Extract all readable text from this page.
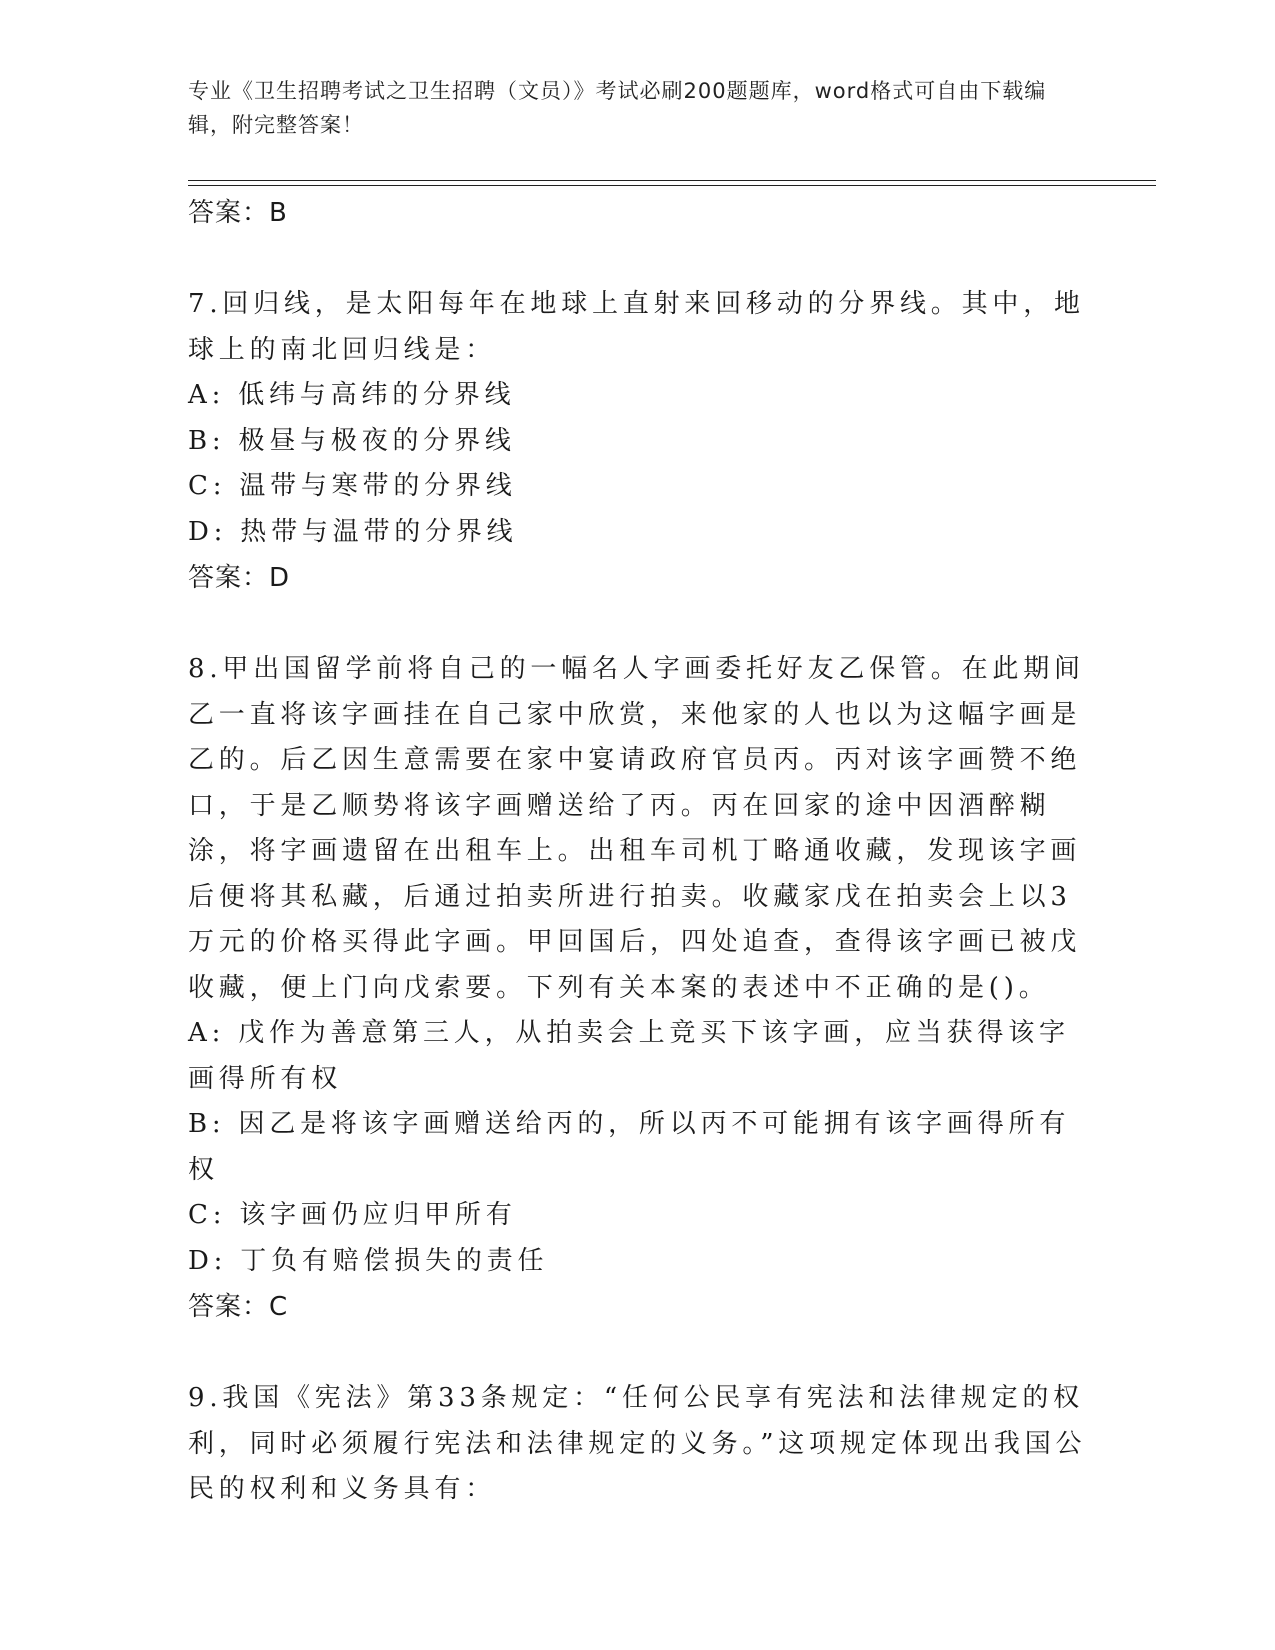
专业《卫生招聘考试之卫生招聘（文员）》考试必刷200题题库，word格式可自由下载编辑，附完整答案！

答案：B

7.回归线，是太阳每年在地球上直射来回移动的分界线。其中，地球上的南北回归线是：

A: 低纬与高纬的分界线

B: 极昼与极夜的分界线

C: 温带与寒带的分界线

D: 热带与温带的分界线

答案：D

8.甲出国留学前将自己的一幅名人字画委托好友乙保管。在此期间乙一直将该字画挂在自己家中欣赏，来他家的人也以为这幅字画是乙的。后乙因生意需要在家中宴请政府官员丙。丙对该字画赞不绝口，于是乙顺势将该字画赠送给了丙。丙在回家的途中因酒醉糊涂，将字画遗留在出租车上。出租车司机丁略通收藏，发现该字画后便将其私藏，后通过拍卖所进行拍卖。收藏家戊在拍卖会上以3万元的价格买得此字画。甲回国后，四处追查，查得该字画已被戊收藏，便上门向戊索要。下列有关本案的表述中不正确的是()。

A: 戊作为善意第三人，从拍卖会上竞买下该字画，应当获得该字画得所有权

B: 因乙是将该字画赠送给丙的，所以丙不可能拥有该字画得所有权

C: 该字画仍应归甲所有

D: 丁负有赔偿损失的责任

答案：C

9.我国《宪法》第33条规定：“任何公民享有宪法和法律规定的权利，同时必须履行宪法和法律规定的义务。”这项规定体现出我国公民的权利和义务具有：
